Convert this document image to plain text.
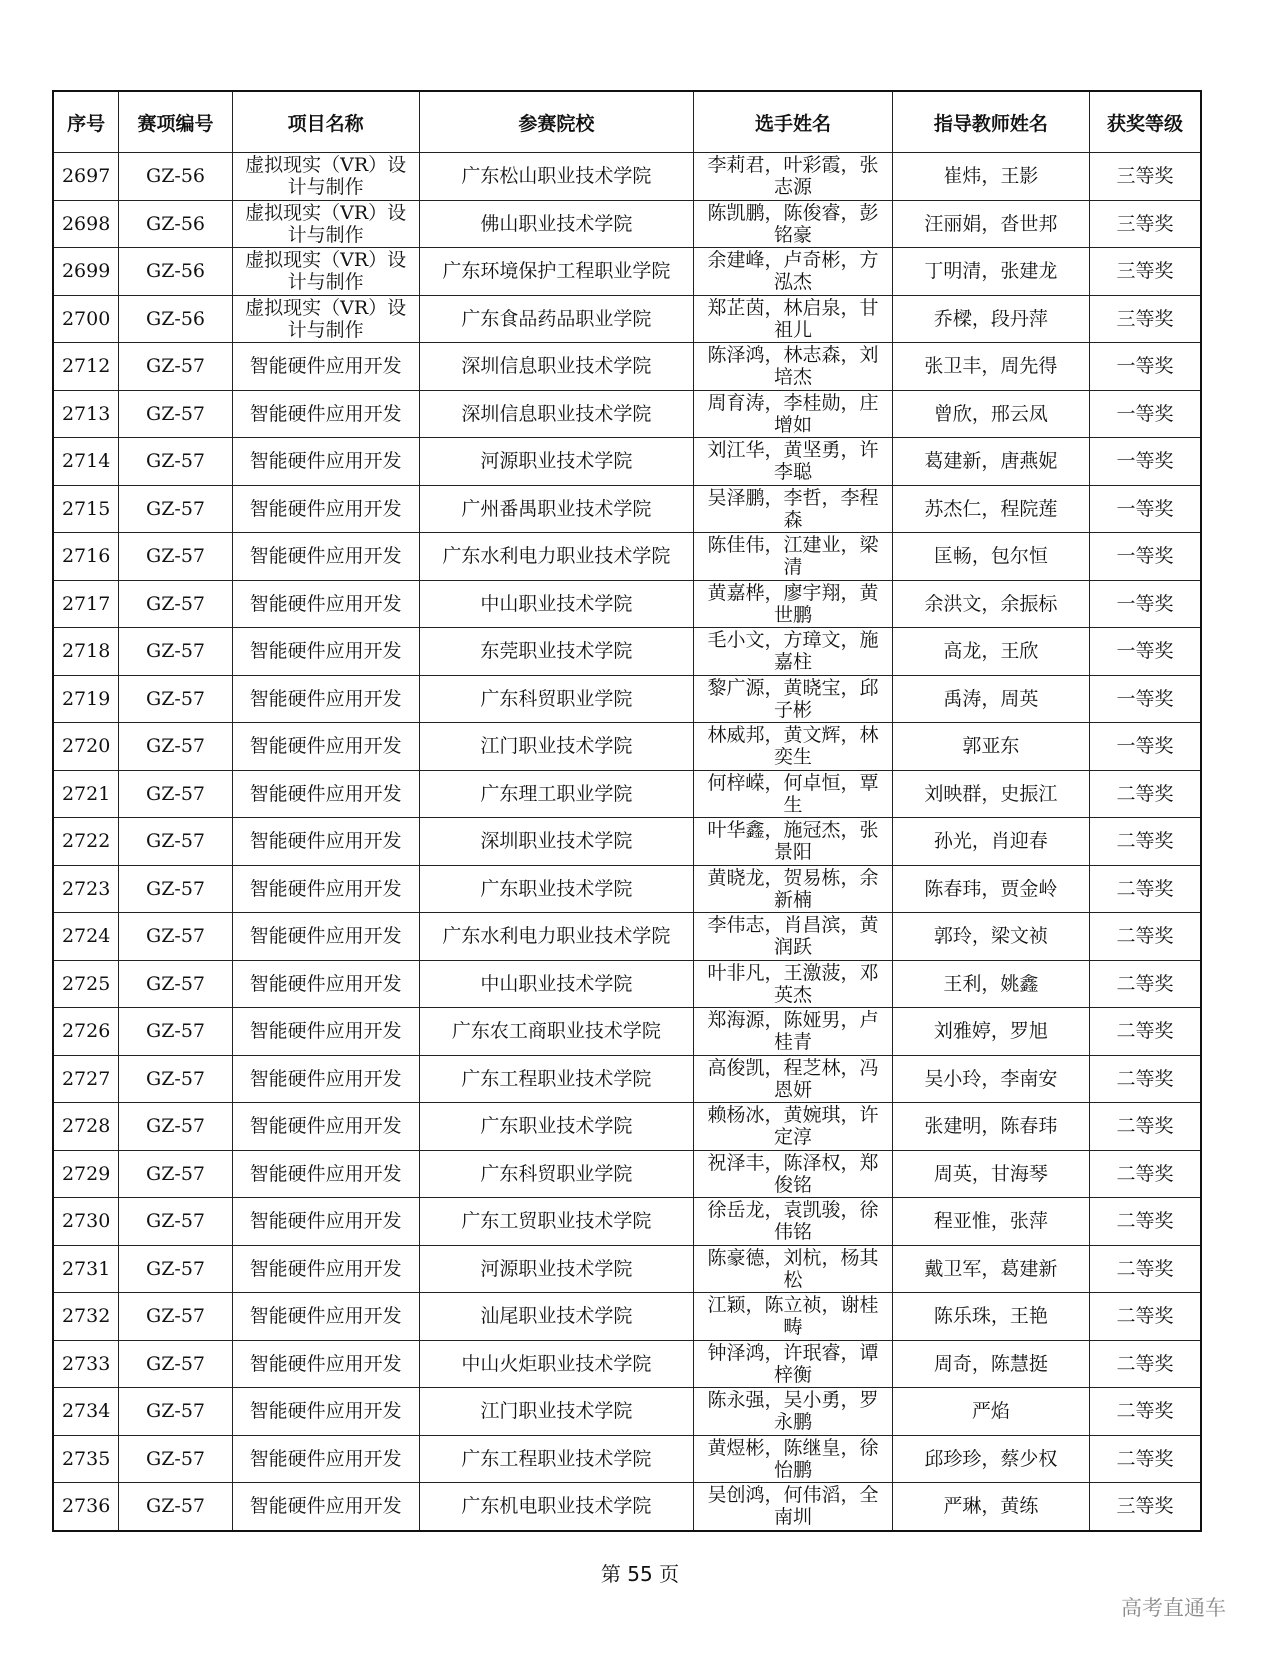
序号	赛项编号	项目名称	参赛院校	选手姓名	指导教师姓名	获奖等级
2697	GZ-56	虚拟现实（VR）设计与制作	广东松山职业技术学院	李莉君，叶彩霞，张志源	崔炜，王影	三等奖
2698	GZ-56	虚拟现实（VR）设计与制作	佛山职业技术学院	陈凯鹏，陈俊睿，彭铭豪	汪丽娟，沓世邦	三等奖
2699	GZ-56	虚拟现实（VR）设计与制作	广东环境保护工程职业学院	余建峰，卢奇彬，方泓杰	丁明清，张建龙	三等奖
2700	GZ-56	虚拟现实（VR）设计与制作	广东食品药品职业学院	郑芷茵，林启泉，甘祖儿	乔樑，段丹萍	三等奖
2712	GZ-57	智能硬件应用开发	深圳信息职业技术学院	陈泽鸿，林志森，刘培杰	张卫丰，周先得	一等奖
2713	GZ-57	智能硬件应用开发	深圳信息职业技术学院	周育涛，李桂勋，庄增如	曾欣，邢云凤	一等奖
2714	GZ-57	智能硬件应用开发	河源职业技术学院	刘江华，黄坚勇，许李聪	葛建新，唐燕妮	一等奖
2715	GZ-57	智能硬件应用开发	广州番禺职业技术学院	吴泽鹏，李哲，李程森	苏杰仁，程院莲	一等奖
2716	GZ-57	智能硬件应用开发	广东水利电力职业技术学院	陈佳伟，江建业，梁清	匡畅，包尔恒	一等奖
2717	GZ-57	智能硬件应用开发	中山职业技术学院	黄嘉桦，廖宇翔，黄世鹏	余洪文，余振标	一等奖
2718	GZ-57	智能硬件应用开发	东莞职业技术学院	毛小文，方璋文，施嘉柱	高龙，王欣	一等奖
2719	GZ-57	智能硬件应用开发	广东科贸职业学院	黎广源，黄晓宝，邱子彬	禹涛，周英	一等奖
2720	GZ-57	智能硬件应用开发	江门职业技术学院	林威邦，黄文辉，林奕生	郭亚东	一等奖
2721	GZ-57	智能硬件应用开发	广东理工职业学院	何梓嵘，何卓恒，覃生	刘映群，史振江	二等奖
2722	GZ-57	智能硬件应用开发	深圳职业技术学院	叶华鑫，施冠杰，张景阳	孙光，肖迎春	二等奖
2723	GZ-57	智能硬件应用开发	广东职业技术学院	黄晓龙，贺易栋，余新楠	陈春玮，贾金岭	二等奖
2724	GZ-57	智能硬件应用开发	广东水利电力职业技术学院	李伟志，肖昌滨，黄润跃	郭玲，梁文祯	二等奖
2725	GZ-57	智能硬件应用开发	中山职业技术学院	叶非凡，王激菠，邓英杰	王利，姚鑫	二等奖
2726	GZ-57	智能硬件应用开发	广东农工商职业技术学院	郑海源，陈娅男，卢桂青	刘雅婷，罗旭	二等奖
2727	GZ-57	智能硬件应用开发	广东工程职业技术学院	高俊凯，程芝林，冯恩妍	吴小玲，李南安	二等奖
2728	GZ-57	智能硬件应用开发	广东职业技术学院	赖杨冰，黄婉琪，许定淳	张建明，陈春玮	二等奖
2729	GZ-57	智能硬件应用开发	广东科贸职业学院	祝泽丰，陈泽权，郑俊铭	周英，甘海琴	二等奖
2730	GZ-57	智能硬件应用开发	广东工贸职业技术学院	徐岳龙，袁凯骏，徐伟铭	程亚惟，张萍	二等奖
2731	GZ-57	智能硬件应用开发	河源职业技术学院	陈豪德，刘杭，杨其松	戴卫军，葛建新	二等奖
2732	GZ-57	智能硬件应用开发	汕尾职业技术学院	江颖，陈立祯，谢桂畴	陈乐珠，王艳	二等奖
2733	GZ-57	智能硬件应用开发	中山火炬职业技术学院	钟泽鸿，许珉睿，谭梓衡	周奇，陈慧挺	二等奖
2734	GZ-57	智能硬件应用开发	江门职业技术学院	陈永强，吴小勇，罗永鹏	严焰	二等奖
2735	GZ-57	智能硬件应用开发	广东工程职业技术学院	黄煜彬，陈继皇，徐怡鹏	邱珍珍，蔡少权	二等奖
2736	GZ-57	智能硬件应用开发	广东机电职业技术学院	吴创鸿，何伟滔，全南圳	严琳，黄练	三等奖
第 55 页
高考直通车
